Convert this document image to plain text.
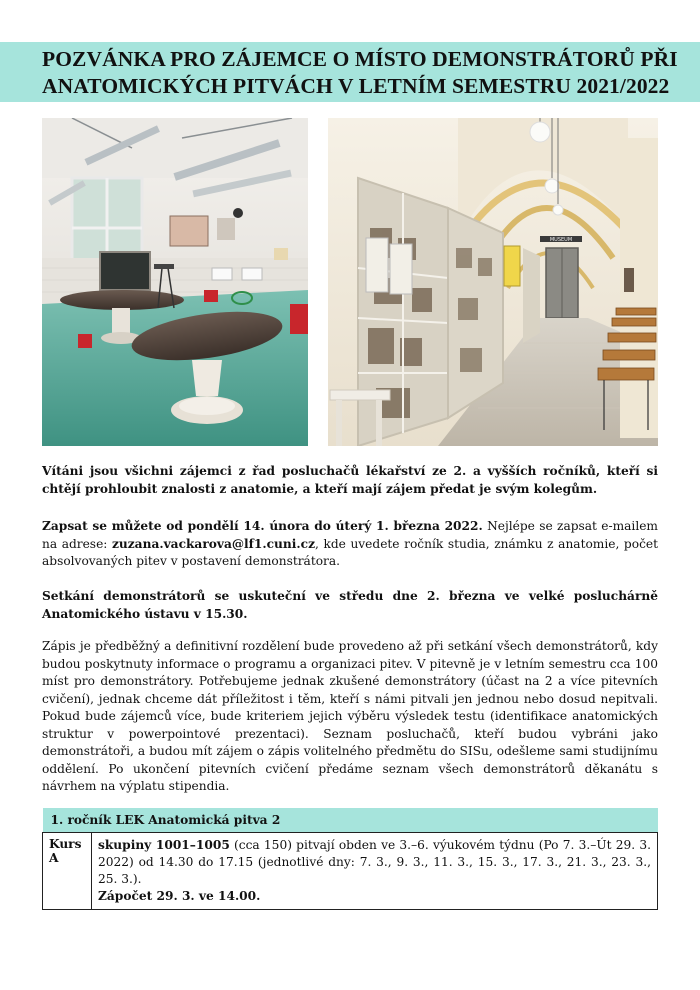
POZVÁNKA PRO ZÁJEMCE O MÍSTO DEMONSTRÁTORŮ PŘI
ANATOMICKÝCH PITVÁCH V LETNÍM SEMESTRU 2021/2022
MUSEUM

Vítáni jsou všichni zájemci z řad posluchačů lékařství ze 2. a vyšších ročníků, kteří si chtějí prohloubit znalosti z anatomie, a kteří mají zájem předat je svým kolegům.

Zapsat se můžete od pondělí 14. února do úterý 1. března 2022. Nejlépe se zapsat e-mailem na adrese: zuzana.vackarova@lf1.cuni.cz, kde uvedete ročník studia, známku z anatomie, počet absolvovaných pitev v postavení demonstrátora.

Setkání demonstrátorů se uskuteční ve středu dne 2. března ve velké posluchárně Anatomického ústavu v 15.30.

Zápis je předběžný a definitivní rozdělení bude provedeno až při setkání všech demonstrátorů, kdy budou poskytnuty informace o programu a organizaci pitev. V pitevně je v letním semestru cca 100 míst pro demonstrátory. Potřebujeme jednak zkušené demonstrátory (účast na 2 a více pitevních cvičení), jednak chceme dát příležitost i těm, kteří s námi pitvali jen jednou nebo dosud nepitvali. Pokud bude zájemců více, bude kriteriem jejich výběru výsledek testu (identifikace anatomických struktur v powerpointové prezentaci). Seznam posluchačů, kteří budou vybráni jako demonstrátoři, a budou mít zájem o zápis volitelného předmětu do SISu, odešleme sami studijnímu oddělení. Po ukončení pitevních cvičení předáme seznam všech demonstrátorů děkanátu s návrhem na výplatu stipendia.

1. ročník LEK Anatomická pitva 2
Kurs A	skupiny 1001–1005 (cca 150) pitvají obden ve 3.–6. výukovém týdnu (Po 7. 3.–Út 29. 3. 2022) od 14.30 do 17.15 (jednotlivé dny: 7. 3., 9. 3., 11. 3., 15. 3., 17. 3., 21. 3., 23. 3., 25. 3.).
Zápočet 29. 3. ve 14.00.
